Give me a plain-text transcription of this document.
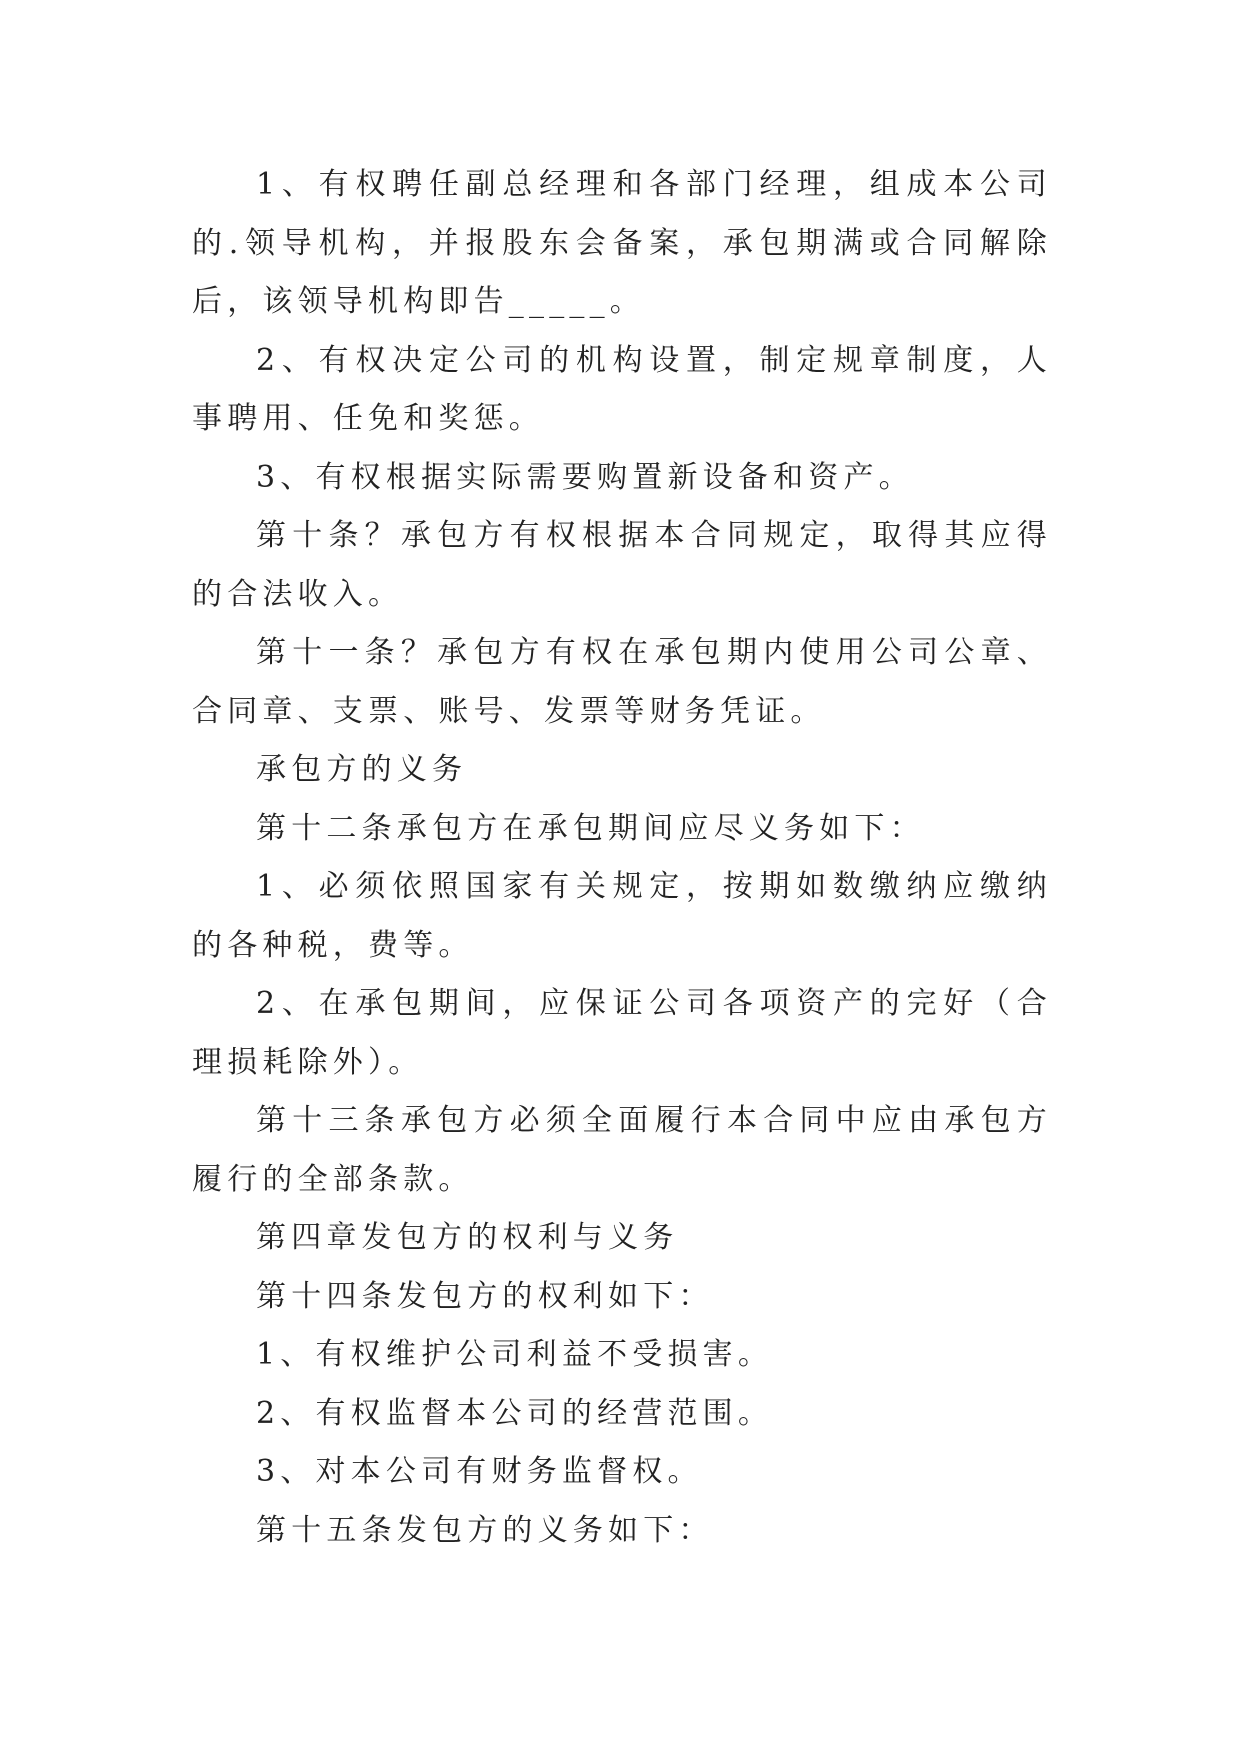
1、有权聘任副总经理和各部门经理，组成本公司的.领导机构，并报股东会备案，承包期满或合同解除后，该领导机构即告_____。

2、有权决定公司的机构设置，制定规章制度，人事聘用、任免和奖惩。

3、有权根据实际需要购置新设备和资产。

第十条？承包方有权根据本合同规定，取得其应得的合法收入。

第十一条？承包方有权在承包期内使用公司公章、合同章、支票、账号、发票等财务凭证。

承包方的义务

第十二条承包方在承包期间应尽义务如下：

1、必须依照国家有关规定，按期如数缴纳应缴纳的各种税，费等。

2、在承包期间，应保证公司各项资产的完好（合理损耗除外）。

第十三条承包方必须全面履行本合同中应由承包方履行的全部条款。

第四章发包方的权利与义务

第十四条发包方的权利如下：

1、有权维护公司利益不受损害。

2、有权监督本公司的经营范围。

3、对本公司有财务监督权。

第十五条发包方的义务如下：
